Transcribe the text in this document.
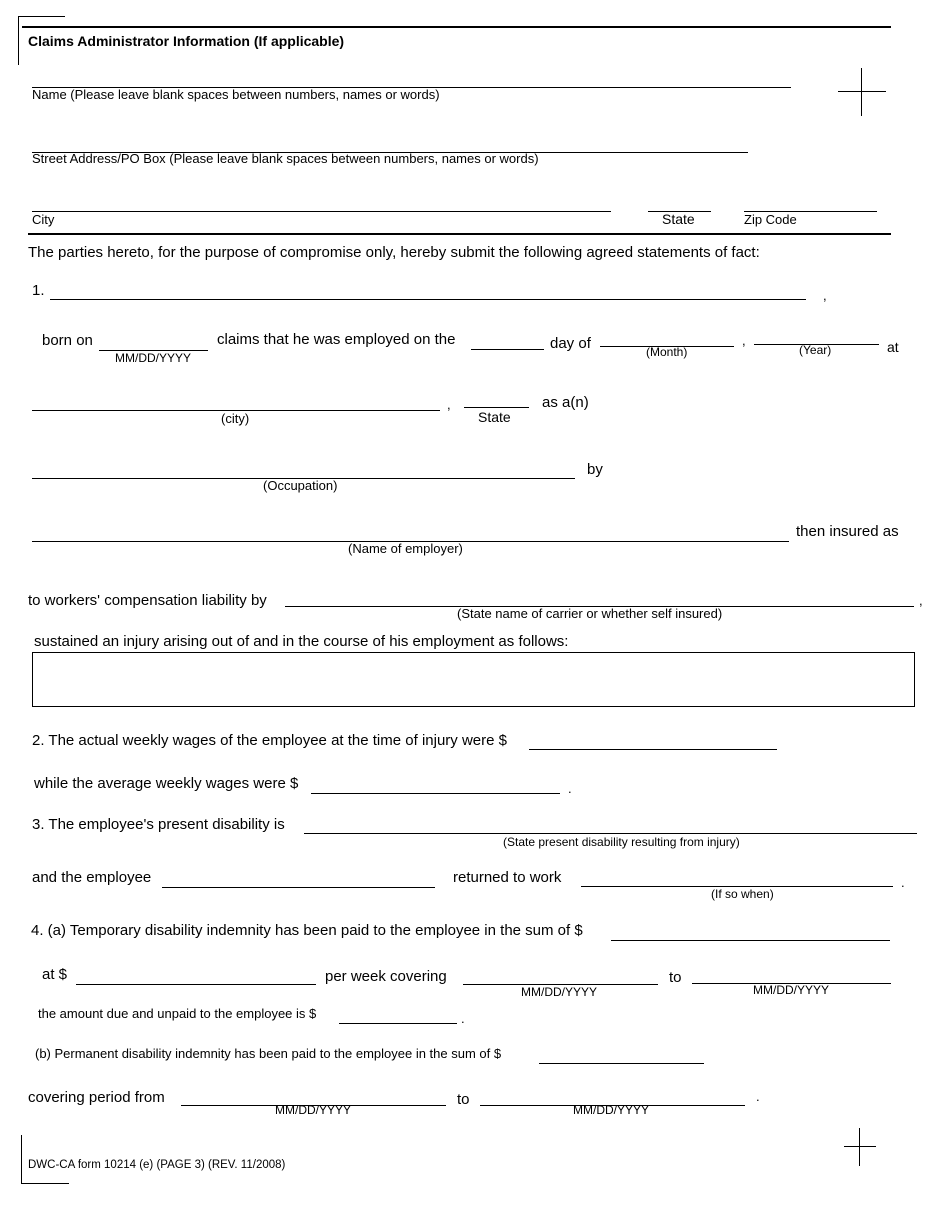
Claims Administrator Information (If applicable)
Name (Please leave blank spaces between numbers, names or words)
Street Address/PO Box (Please leave blank spaces between numbers, names or words)
City	State	Zip Code
The parties hereto, for the purpose of compromise only, hereby submit the following agreed statements of fact:
1.	,
born on
MM/DD/YYYY
claims that he was employed on the	day of	(Month)
,
(Year)	at
(city)
,
State
as a(n)
(Occupation)
by
(Name of employer)
then insured as
to workers' compensation liability by
(State name of carrier or whether self insured)
,
sustained an injury arising out of and in the course of his employment as follows:
2. The actual weekly wages of the employee at the time of injury were $
while the average weekly wages were $	.
3. The employee's present disability is
(State present disability resulting from injury)
and the employee	returned to work
(If so when)
.
4. (a) Temporary disability indemnity has been paid to the employee in the sum of $
at $	per week covering
MM/DD/YYYY
to
MM/DD/YYYY
the amount due and unpaid to the employee is $	.
(b) Permanent disability indemnity has been paid to the employee in the sum of $
covering period from
MM/DD/YYYY
to
MM/DD/YYYY
.
DWC-CA form 10214 (e) (PAGE 3) (REV. 11/2008)
